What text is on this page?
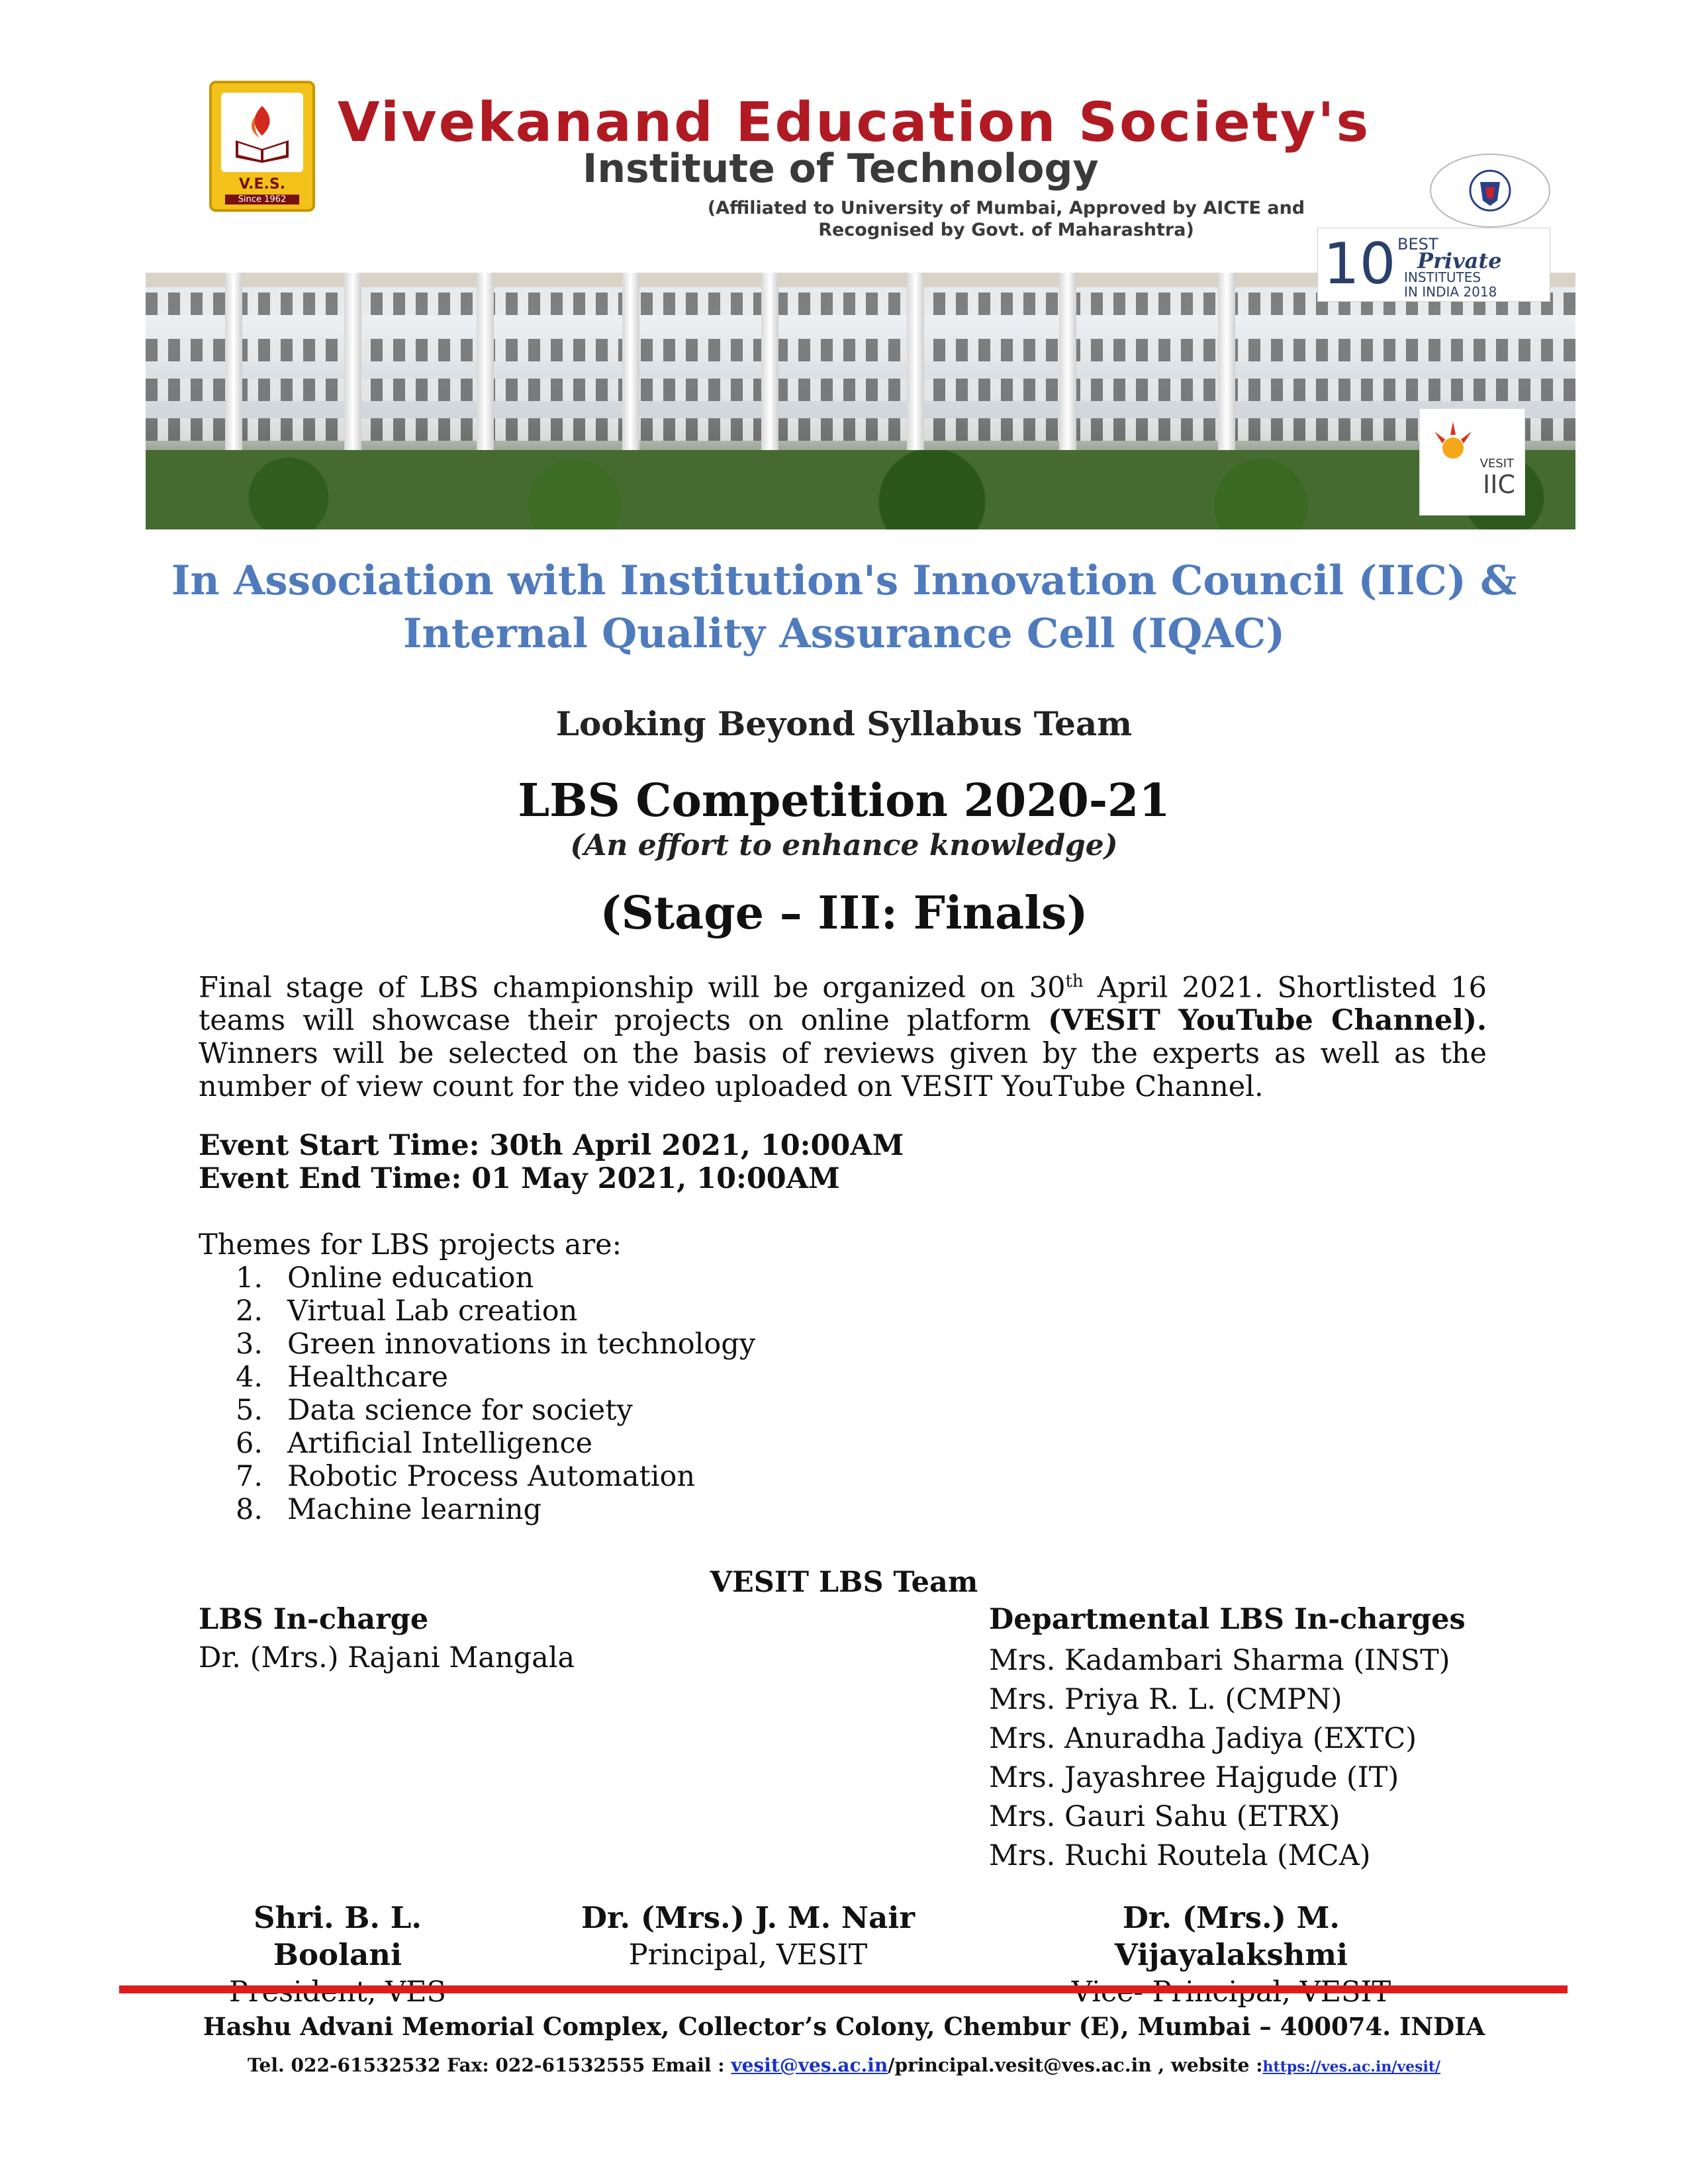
V.E.S.
Since 1962
Vivekanand Education Society's
Institute of Technology
(Affiliated to University of Mumbai, Approved by AICTE and
Recognised by Govt. of Maharashtra)
10 BEST
Private
INSTITUTES
IN INDIA 2018
VESIT
IIC
In Association with Institution's Innovation Council (IIC) &
Internal Quality Assurance Cell (IQAC)
Looking Beyond Syllabus Team
LBS Competition 2020-21
(An effort to enhance knowledge)
(Stage – III: Finals)
Final stage of LBS championship will be organized on 30th April 2021. Shortlisted 16 teams will showcase their projects on online platform (VESIT YouTube Channel). Winners will be selected on the basis of reviews given by the experts as well as the number of view count for the video uploaded on VESIT YouTube Channel.
Event Start Time: 30th April 2021, 10:00AM
Event End Time: 01 May 2021, 10:00AM
Themes for LBS projects are:
1. Online education
2. Virtual Lab creation
3. Green innovations in technology
4. Healthcare
5. Data science for society
6. Artificial Intelligence
7. Robotic Process Automation
8. Machine learning
VESIT LBS Team
LBS In-charge
Dr. (Mrs.) Rajani Mangala
Departmental LBS In-charges
Mrs. Kadambari Sharma (INST)
Mrs. Priya R. L. (CMPN)
Mrs. Anuradha Jadiya (EXTC)
Mrs. Jayashree Hajgude (IT)
Mrs. Gauri Sahu (ETRX)
Mrs. Ruchi Routela (MCA)
Shri. B. L. Boolani
Dr. (Mrs.) J. M. Nair
Principal, VESIT
Dr. (Mrs.) M. Vijayalakshmi
Hashu Advani Memorial Complex, Collector’s Colony, Chembur (E), Mumbai – 400074. INDIA
Tel. 022-61532532 Fax: 022-61532555 Email : vesit@ves.ac.in/principal.vesit@ves.ac.in , website :https://ves.ac.in/vesit/
